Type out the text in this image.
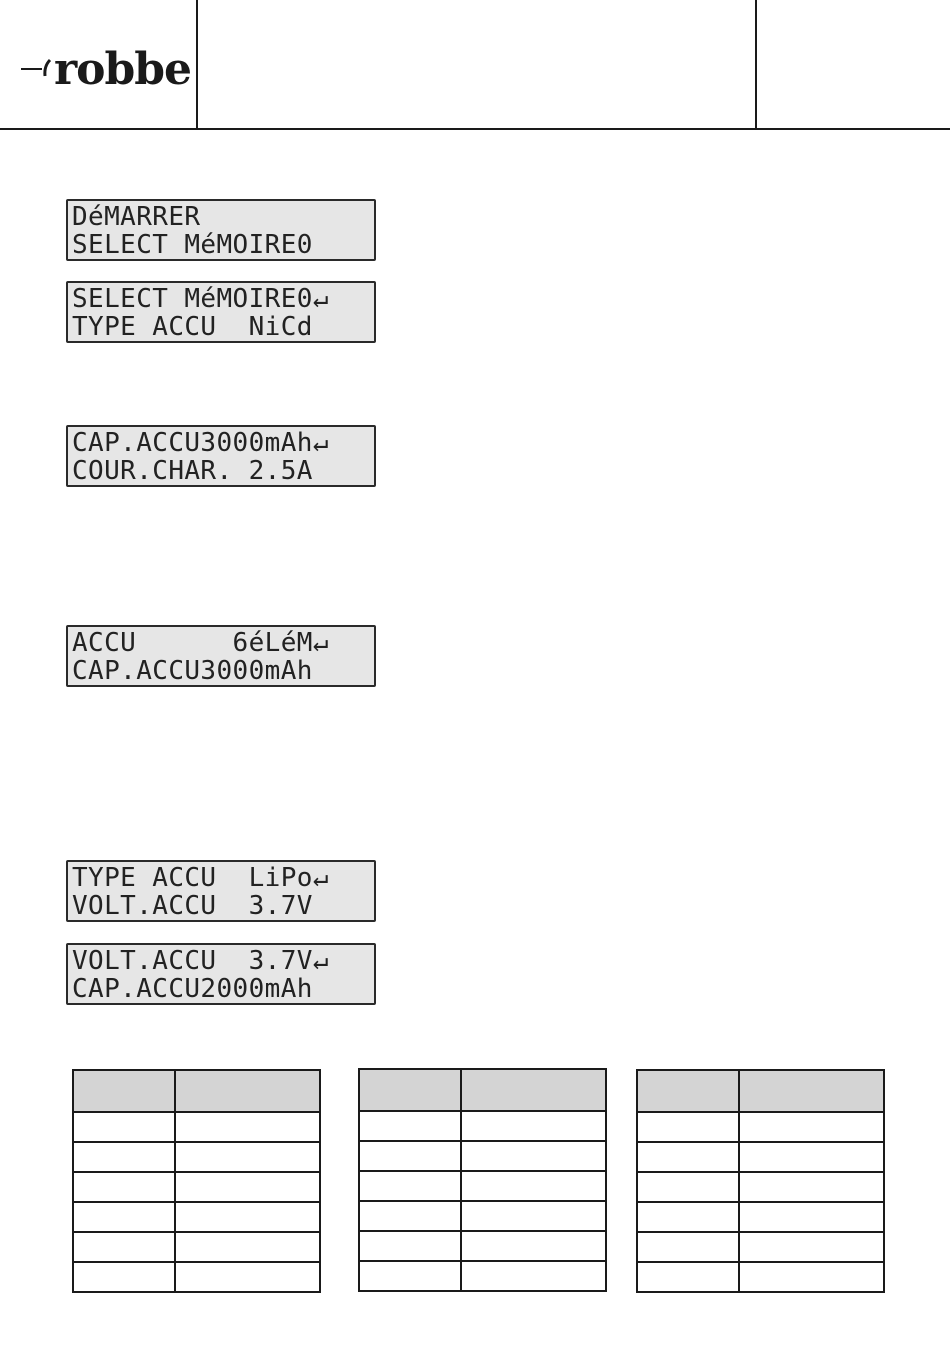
robbe
DéMARRER
SELECT MéMOIRE0
SELECT MéMOIRE0↵
TYPE ACCU  NiCd
CAP.ACCU3000mAh↵
COUR.CHAR. 2.5A
ACCU      6éLéM↵
CAP.ACCU3000mAh
TYPE ACCU  LiPo↵
VOLT.ACCU  3.7V
VOLT.ACCU  3.7V↵
CAP.ACCU2000mAh
